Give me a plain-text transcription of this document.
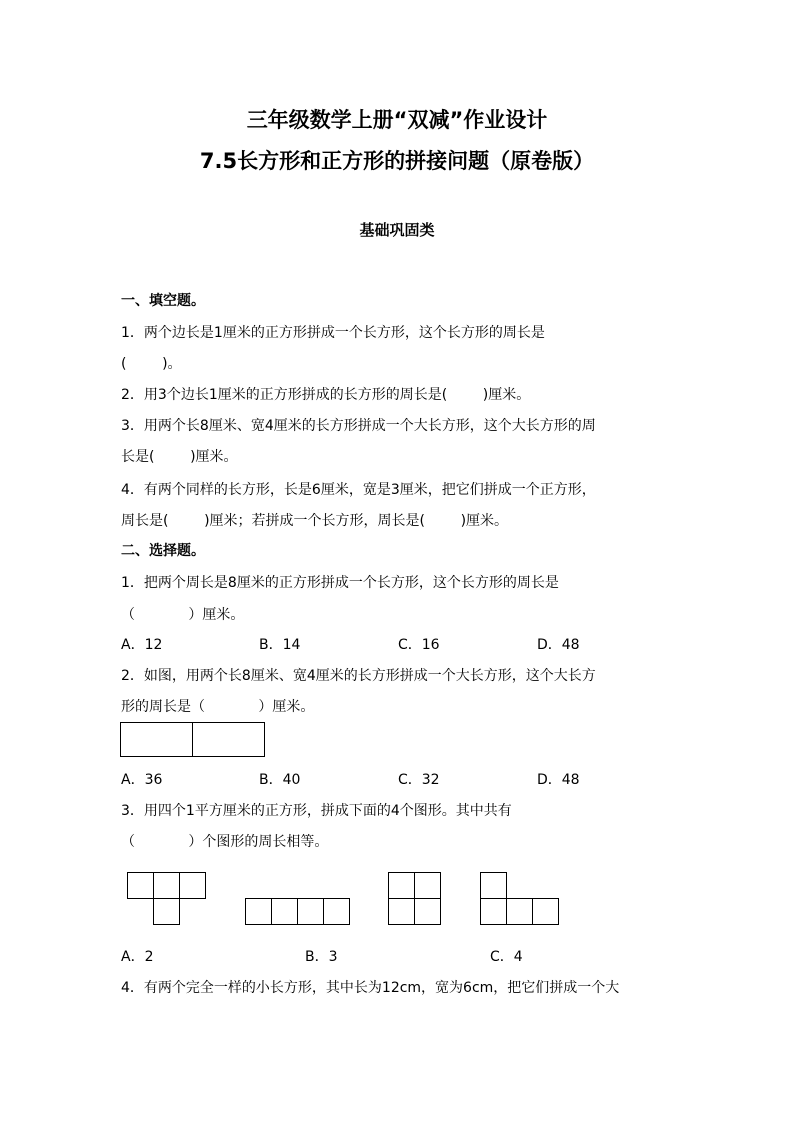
三年级数学上册“双减”作业设计
7.5长方形和正方形的拼接问题（原卷版）
基础巩固类
一、填空题。
1．两个边长是1厘米的正方形拼成一个长方形，这个长方形的周长是
(        )。
2．用3个边长1厘米的正方形拼成的长方形的周长是(        )厘米。
3．用两个长8厘米、宽4厘米的长方形拼成一个大长方形，这个大长方形的周
长是(        )厘米。
4．有两个同样的长方形，长是6厘米，宽是3厘米，把它们拼成一个正方形，
周长是(        )厘米；若拼成一个长方形，周长是(        )厘米。
二、选择题。
1．把两个周长是8厘米的正方形拼成一个长方形，这个长方形的周长是
（            ）厘米。
A．12	B．14	C．16	D．48
2．如图，用两个长8厘米、宽4厘米的长方形拼成一个大长方形，这个大长方
形的周长是（            ）厘米。
A．36	B．40	C．32	D．48
3．用四个1平方厘米的正方形，拼成下面的4个图形。其中共有
（            ）个图形的周长相等。
A．2	B．3	C．4
4．有两个完全一样的小长方形，其中长为12cm，宽为6cm，把它们拼成一个大
